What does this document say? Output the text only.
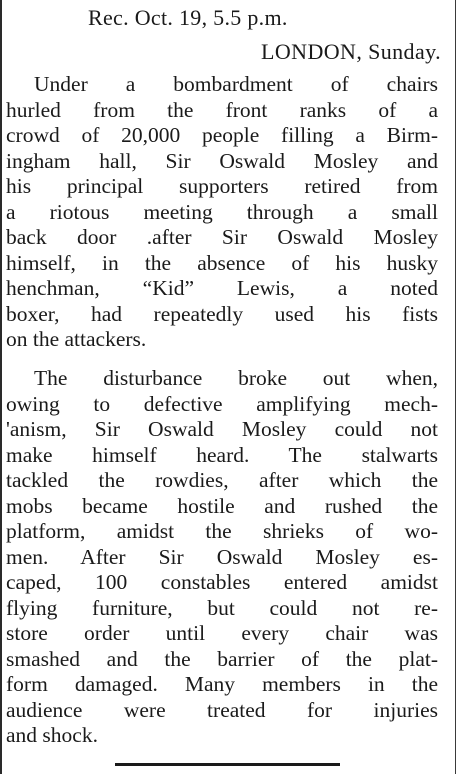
Rec. Oct. 19, 5.5 p.m.
LONDON, Sunday.
Under a bombardment of chairs
hurled from the front ranks of a
crowd of 20,000 people filling a Birm-
ingham hall, Sir Oswald Mosley and
his principal supporters retired from
a riotous meeting through a small
back door .after Sir Oswald Mosley
himself, in the absence of his husky
henchman, “Kid” Lewis, a noted
boxer, had repeatedly used his fists
on the attackers.
The disturbance broke out when,
owing to defective amplifying mech-
'anism, Sir Oswald Mosley could not
make himself heard. The stalwarts
tackled the rowdies, after which the
mobs became hostile and rushed the
platform, amidst the shrieks of wo-
men. After Sir Oswald Mosley es-
caped, 100 constables entered amidst
flying furniture, but could not re-
store order until every chair was
smashed and the barrier of the plat-
form damaged. Many members in the
audience were treated for injuries
and shock.
